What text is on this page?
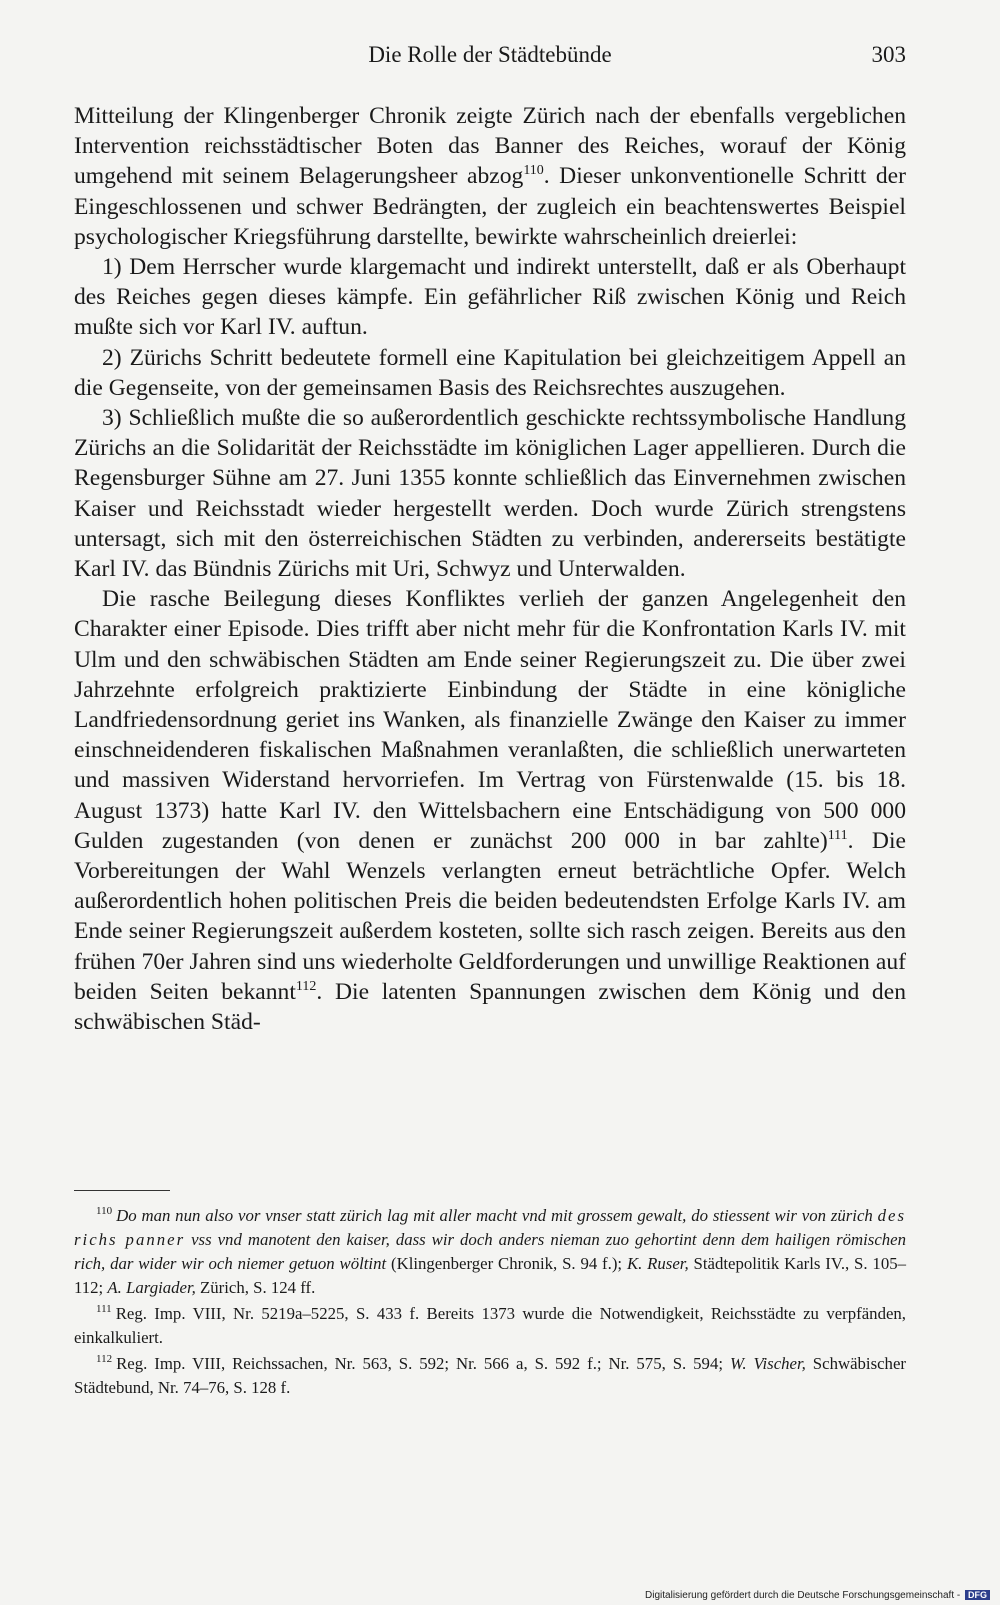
Die Rolle der Städtebünde	303

Mitteilung der Klingenberger Chronik zeigte Zürich nach der ebenfalls vergeblichen Intervention reichsstädtischer Boten das Banner des Reiches, worauf der König umgehend mit seinem Belagerungsheer abzog$^{110}$. Dieser unkonventionelle Schritt der Eingeschlossenen und schwer Bedrängten, der zugleich ein beachtenswertes Beispiel psychologischer Kriegsführung darstellte, bewirkte wahrscheinlich dreierlei:

1) Dem Herrscher wurde klargemacht und indirekt unterstellt, daß er als Oberhaupt des Reiches gegen dieses kämpfe. Ein gefährlicher Riß zwischen König und Reich mußte sich vor Karl IV. auftun.

2) Zürichs Schritt bedeutete formell eine Kapitulation bei gleichzeitigem Appell an die Gegenseite, von der gemeinsamen Basis des Reichsrechtes auszugehen.

3) Schließlich mußte die so außerordentlich geschickte rechtssymbolische Handlung Zürichs an die Solidarität der Reichsstädte im königlichen Lager appellieren. Durch die Regensburger Sühne am 27. Juni 1355 konnte schließlich das Einvernehmen zwischen Kaiser und Reichsstadt wieder hergestellt werden. Doch wurde Zürich strengstens untersagt, sich mit den österreichischen Städten zu verbinden, andererseits bestätigte Karl IV. das Bündnis Zürichs mit Uri, Schwyz und Unterwalden.

Die rasche Beilegung dieses Konfliktes verlieh der ganzen Angelegenheit den Charakter einer Episode. Dies trifft aber nicht mehr für die Konfrontation Karls IV. mit Ulm und den schwäbischen Städten am Ende seiner Regierungszeit zu. Die über zwei Jahrzehnte erfolgreich praktizierte Einbindung der Städte in eine königliche Landfriedensordnung geriet ins Wanken, als finanzielle Zwänge den Kaiser zu immer einschneidenderen fiskalischen Maßnahmen veranlaßten, die schließlich unerwarteten und massiven Widerstand hervorriefen. Im Vertrag von Fürstenwalde (15. bis 18. August 1373) hatte Karl IV. den Wittelsbachern eine Entschädigung von 500 000 Gulden zugestanden (von denen er zunächst 200 000 in bar zahlte)$^{111}$. Die Vorbereitungen der Wahl Wenzels verlangten erneut beträchtliche Opfer. Welch außerordentlich hohen politischen Preis die beiden bedeutendsten Erfolge Karls IV. am Ende seiner Regierungszeit außerdem kosteten, sollte sich rasch zeigen. Bereits aus den frühen 70er Jahren sind uns wiederholte Geldforderungen und unwillige Reaktionen auf beiden Seiten bekannt$^{112}$. Die latenten Spannungen zwischen dem König und den schwäbischen Städ-

$^{110}$ Do man nun also vor vnser statt zürich lag mit aller macht vnd mit grossem gewalt, do stiessent wir von zürich des richs panner vss vnd manotent den kaiser, dass wir doch anders nieman zuo gehortint denn dem hailigen römischen rich, dar wider wir och niemer getuon wöltint (Klingenberger Chronik, S. 94 f.); K. Ruser, Städtepolitik Karls IV., S. 105–112; A. Largiader, Zürich, S. 124 ff.

$^{111}$ Reg. Imp. VIII, Nr. 5219a–5225, S. 433 f. Bereits 1373 wurde die Notwendigkeit, Reichsstädte zu verpfänden, einkalkuliert.

$^{112}$ Reg. Imp. VIII, Reichssachen, Nr. 563, S. 592; Nr. 566 a, S. 592 f.; Nr. 575, S. 594; W. Vischer, Schwäbischer Städtebund, Nr. 74–76, S. 128 f.

Digitalisierung gefördert durch die Deutsche Forschungsgemeinschaft - DFG
